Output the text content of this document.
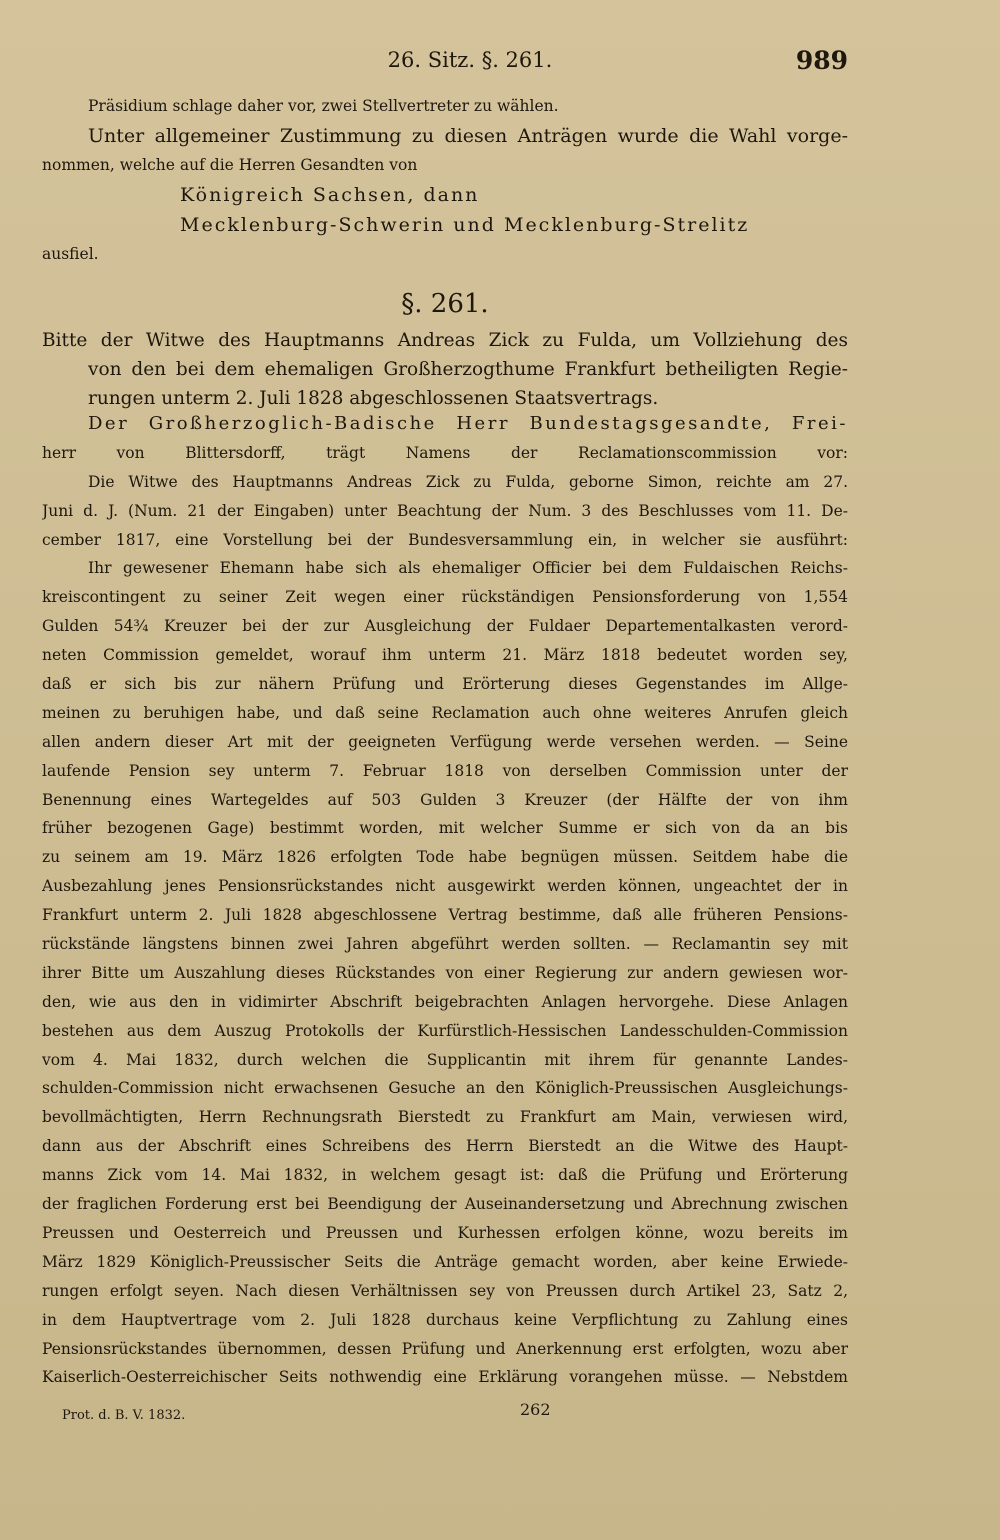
26. Sitz. §. 261.	989
Präsidium schlage daher vor, zwei Stellvertreter zu wählen.
Unter allgemeiner Zustimmung zu diesen Anträgen wurde die Wahl vorge-
nommen, welche auf die Herren Gesandten von
Königreich Sachsen, dann
Mecklenburg-Schwerin und Mecklenburg-Strelitz
ausfiel.
§. 261.
Bitte der Witwe des Hauptmanns Andreas Zick zu Fulda, um Vollziehung des
von den bei dem ehemaligen Großherzogthume Frankfurt betheiligten Regie-
rungen unterm 2. Juli 1828 abgeschlossenen Staatsvertrags.
Der Großherzoglich-Badische Herr Bundestagsgesandte, Frei-
herr von Blittersdorff, trägt Namens der Reclamationscommission vor:
Die Witwe des Hauptmanns Andreas Zick zu Fulda, geborne Simon, reichte am 27.
Juni d. J. (Num. 21 der Eingaben) unter Beachtung der Num. 3 des Beschlusses vom 11. De-
cember 1817, eine Vorstellung bei der Bundesversammlung ein, in welcher sie ausführt:
Ihr gewesener Ehemann habe sich als ehemaliger Officier bei dem Fuldaischen Reichs-
kreiscontingent zu seiner Zeit wegen einer rückständigen Pensionsforderung von 1,554
Gulden 54¾ Kreuzer bei der zur Ausgleichung der Fuldaer Departementalkasten verord-
neten Commission gemeldet, worauf ihm unterm 21. März 1818 bedeutet worden sey,
daß er sich bis zur nähern Prüfung und Erörterung dieses Gegenstandes im Allge-
meinen zu beruhigen habe, und daß seine Reclamation auch ohne weiteres Anrufen gleich
allen andern dieser Art mit der geeigneten Verfügung werde versehen werden. — Seine
laufende Pension sey unterm 7. Februar 1818 von derselben Commission unter der
Benennung eines Wartegeldes auf 503 Gulden 3 Kreuzer (der Hälfte der von ihm
früher bezogenen Gage) bestimmt worden, mit welcher Summe er sich von da an bis
zu seinem am 19. März 1826 erfolgten Tode habe begnügen müssen. Seitdem habe die
Ausbezahlung jenes Pensionsrückstandes nicht ausgewirkt werden können, ungeachtet der in
Frankfurt unterm 2. Juli 1828 abgeschlossene Vertrag bestimme, daß alle früheren Pensions-
rückstände längstens binnen zwei Jahren abgeführt werden sollten. — Reclamantin sey mit
ihrer Bitte um Auszahlung dieses Rückstandes von einer Regierung zur andern gewiesen wor-
den, wie aus den in vidimirter Abschrift beigebrachten Anlagen hervorgehe. Diese Anlagen
bestehen aus dem Auszug Protokolls der Kurfürstlich-Hessischen Landesschulden-Commission
vom 4. Mai 1832, durch welchen die Supplicantin mit ihrem für genannte Landes-
schulden-Commission nicht erwachsenen Gesuche an den Königlich-Preussischen Ausgleichungs-
bevollmächtigten, Herrn Rechnungsrath Bierstedt zu Frankfurt am Main, verwiesen wird,
dann aus der Abschrift eines Schreibens des Herrn Bierstedt an die Witwe des Haupt-
manns Zick vom 14. Mai 1832, in welchem gesagt ist: daß die Prüfung und Erörterung
der fraglichen Forderung erst bei Beendigung der Auseinandersetzung und Abrechnung zwischen
Preussen und Oesterreich und Preussen und Kurhessen erfolgen könne, wozu bereits im
März 1829 Königlich-Preussischer Seits die Anträge gemacht worden, aber keine Erwiede-
rungen erfolgt seyen. Nach diesen Verhältnissen sey von Preussen durch Artikel 23, Satz 2,
in dem Hauptvertrage vom 2. Juli 1828 durchaus keine Verpflichtung zu Zahlung eines
Pensionsrückstandes übernommen, dessen Prüfung und Anerkennung erst erfolgten, wozu aber
Kaiserlich-Oesterreichischer Seits nothwendig eine Erklärung vorangehen müsse. — Nebstdem
Prot. d. B. V. 1832.	262
